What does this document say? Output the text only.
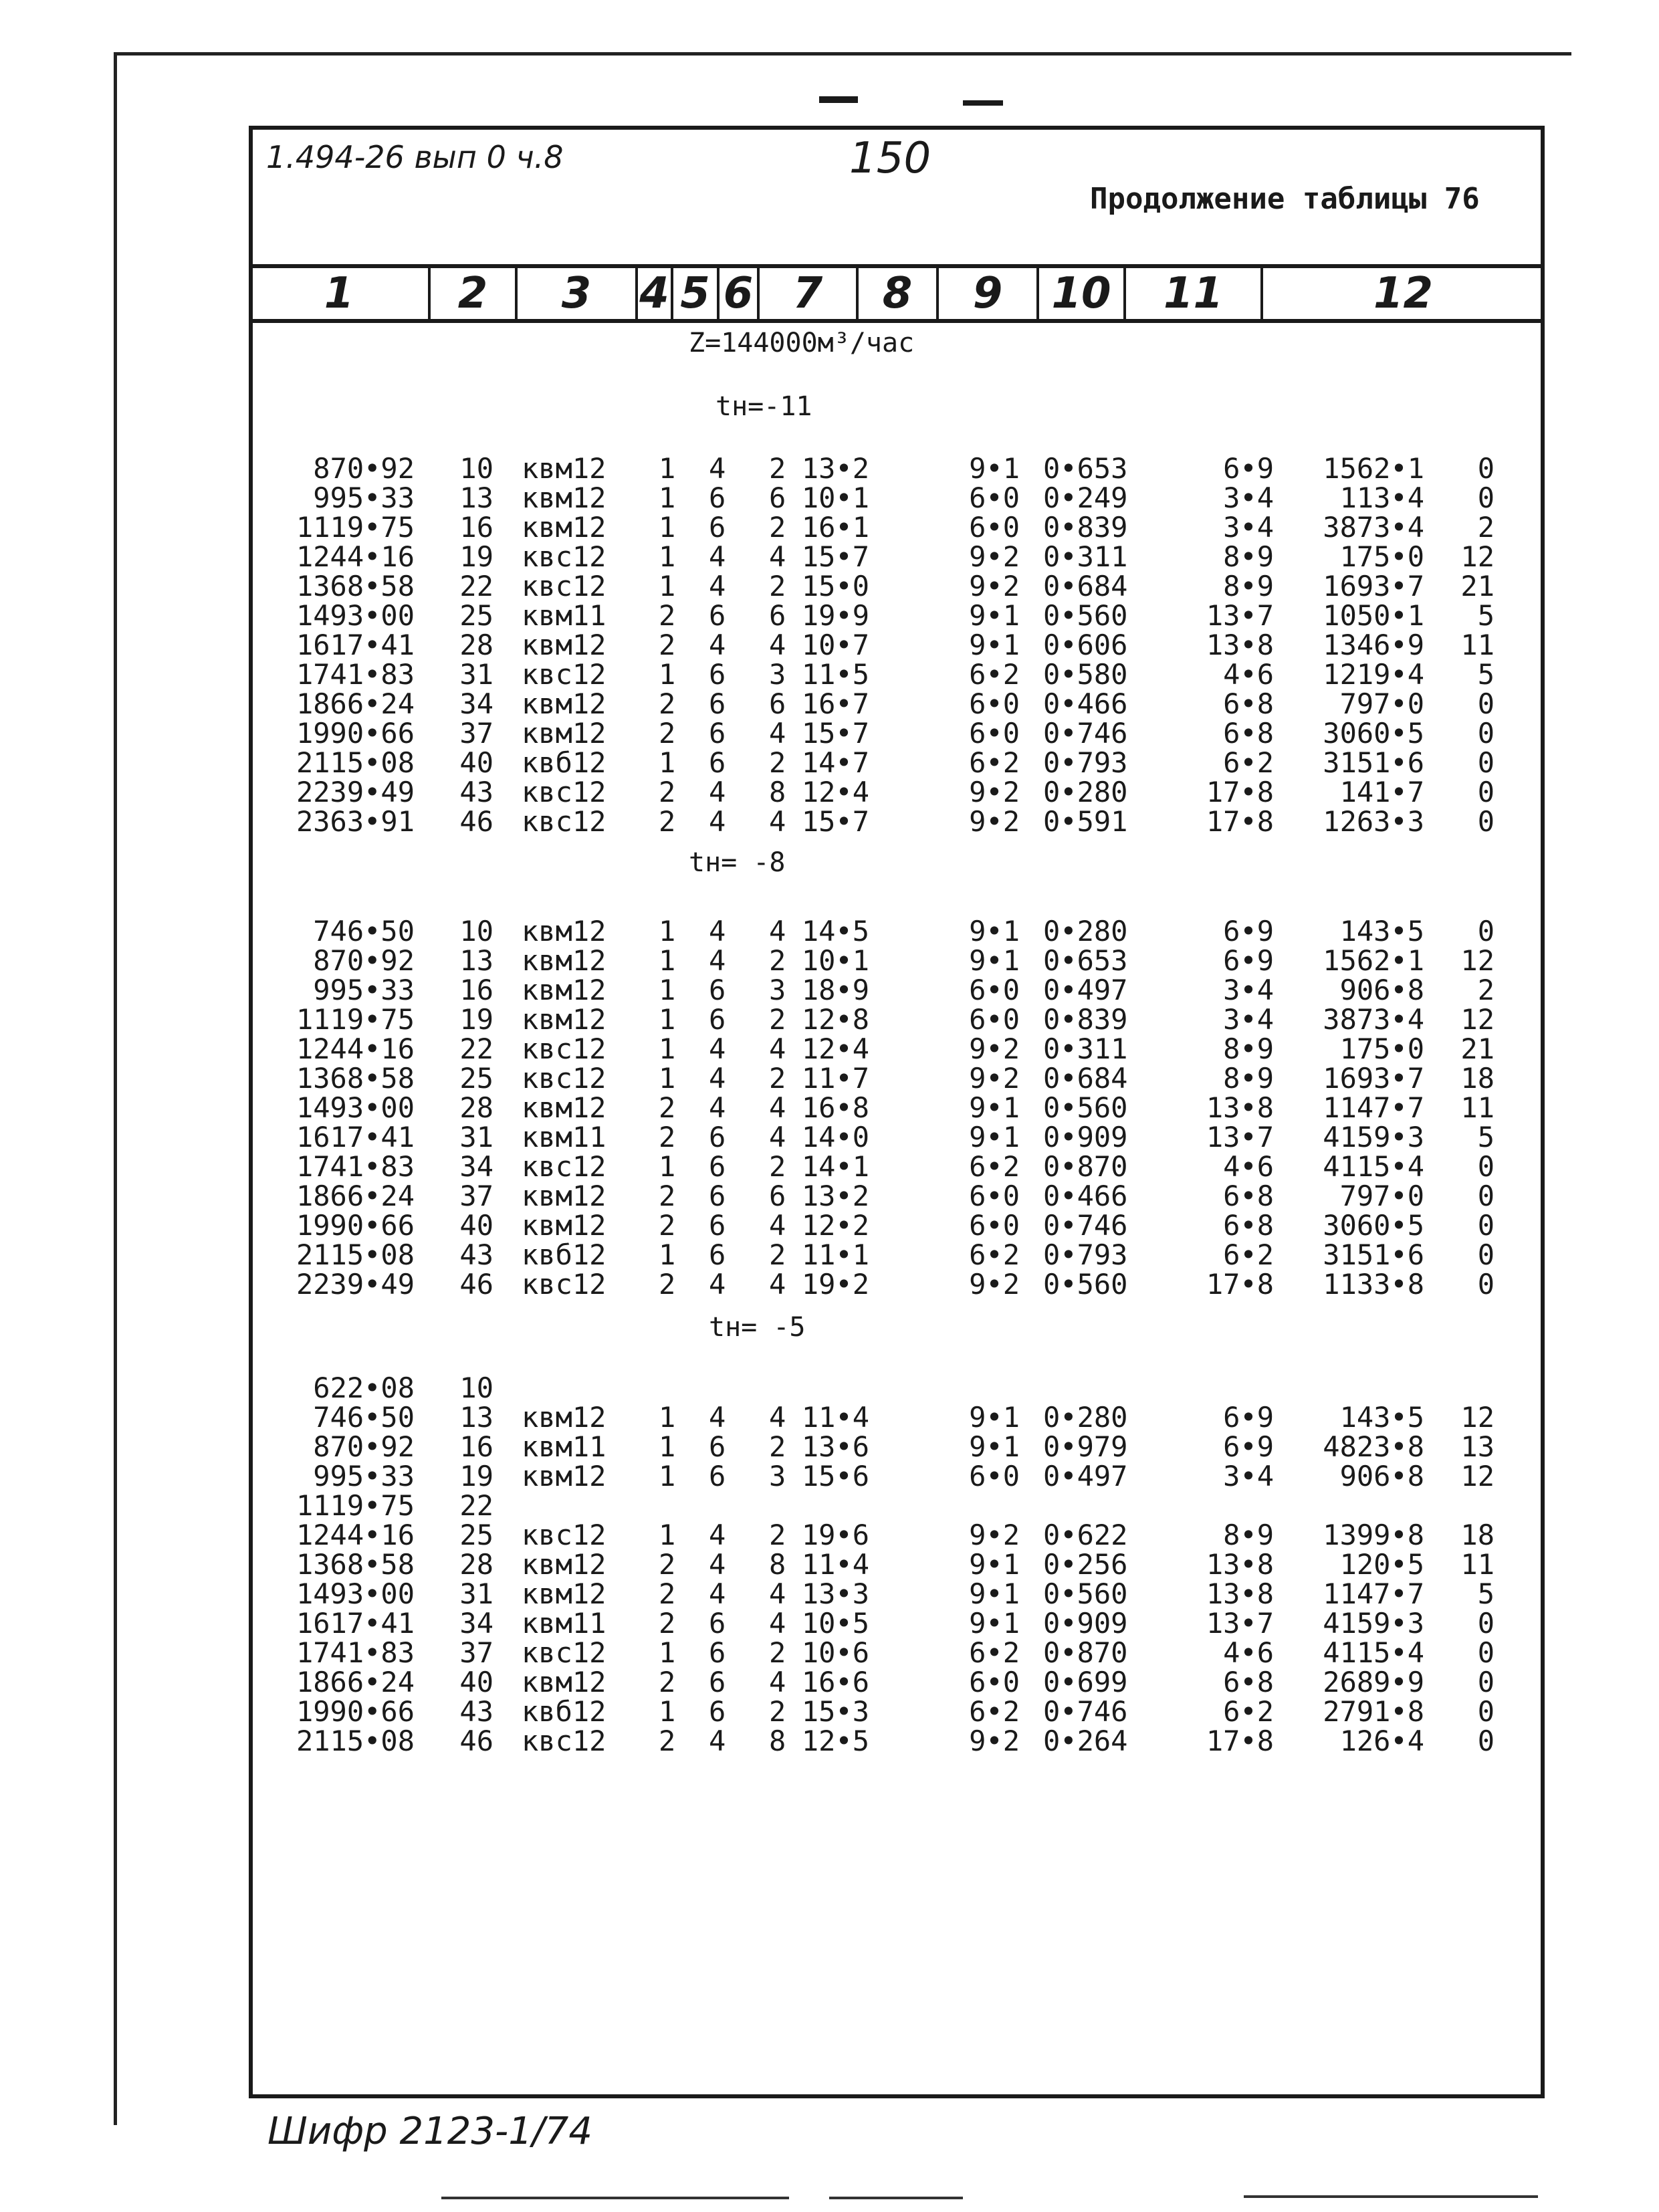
1.494-26 вып 0 ч.8	150
Продолжение таблицы 76
1	2	3	4 5 6 7	8	9	10	11	12
Z=144000м³/час
tн=-11
870•92 10 квм12 1 4 2 13•2	9•1 0•653	6•9 1562•1 0
995•33 13 квм12 1 6 6 10•1	6•0 0•249	3•4 113•4 0
1119•75 16 квм12 1 6 2 16•1	6•0 0•839	3•4 3873•4 2
1244•16 19 квс12 1 4 4 15•7	9•2 0•311	8•9 175•0 12
1368•58 22 квс12 1 4 2 15•0	9•2 0•684	8•9 1693•7 21
1493•00 25 квм11 2 6 6 19•9	9•1 0•560	13•7 1050•1 5
1617•41 28 квм12 2 4 4 10•7	9•1 0•606	13•8 1346•9 11
1741•83 31 квс12 1 6 3 11•5	6•2 0•580	4•6 1219•4 5
1866•24 34 квм12 2 6 6 16•7	6•0 0•466	6•8 797•0 0
1990•66 37 квм12 2 6 4 15•7	6•0 0•746	6•8 3060•5 0
2115•08 40 квб12 1 6 2 14•7	6•2 0•793	6•2 3151•6 0
2239•49 43 квс12 2 4 8 12•4	9•2 0•280	17•8 141•7 0
2363•91 46 квс12 2 4 4 15•7	9•2 0•591	17•8 1263•3 0
tн= -8
746•50 10 квм12 1 4 4 14•5	9•1 0•280	6•9 143•5 0
870•92 13 квм12 1 4 2 10•1	9•1 0•653	6•9 1562•1 12
995•33 16 квм12 1 6 3 18•9	6•0 0•497	3•4 906•8 2
1119•75 19 квм12 1 6 2 12•8	6•0 0•839	3•4 3873•4 12
1244•16 22 квс12 1 4 4 12•4	9•2 0•311	8•9 175•0 21
1368•58 25 квс12 1 4 2 11•7	9•2 0•684	8•9 1693•7 18
1493•00 28 квм12 2 4 4 16•8	9•1 0•560	13•8 1147•7 11
1617•41 31 квм11 2 6 4 14•0	9•1 0•909	13•7 4159•3 5
1741•83 34 квс12 1 6 2 14•1	6•2 0•870	4•6 4115•4 0
1866•24 37 квм12 2 6 6 13•2	6•0 0•466	6•8 797•0 0
1990•66 40 квм12 2 6 4 12•2	6•0 0•746	6•8 3060•5 0
2115•08 43 квб12 1 6 2 11•1	6•2 0•793	6•2 3151•6 0
2239•49 46 квс12 2 4 4 19•2	9•2 0•560	17•8 1133•8 0
tн= -5
622•08 10
746•50 13 квм12 1 4 4 11•4	9•1 0•280	6•9 143•5 12
870•92 16 квм11 1 6 2 13•6	9•1 0•979	6•9 4823•8 13
995•33 19 квм12 1 6 3 15•6	6•0 0•497	3•4 906•8 12
1119•75 22
1244•16 25 квс12 1 4 2 19•6	9•2 0•622	8•9 1399•8 18
1368•58 28 квм12 2 4 8 11•4	9•1 0•256	13•8 120•5 11
1493•00 31 квм12 2 4 4 13•3	9•1 0•560	13•8 1147•7 5
1617•41 34 квм11 2 6 4 10•5	9•1 0•909	13•7 4159•3 0
1741•83 37 квс12 1 6 2 10•6	6•2 0•870	4•6 4115•4 0
1866•24 40 квм12 2 6 4 16•6	6•0 0•699	6•8 2689•9 0
1990•66 43 квб12 1 6 2 15•3	6•2 0•746	6•2 2791•8 0
2115•08 46 квс12 2 4 8 12•5	9•2 0•264	17•8 126•4 0
Шифр 2123-1/74
